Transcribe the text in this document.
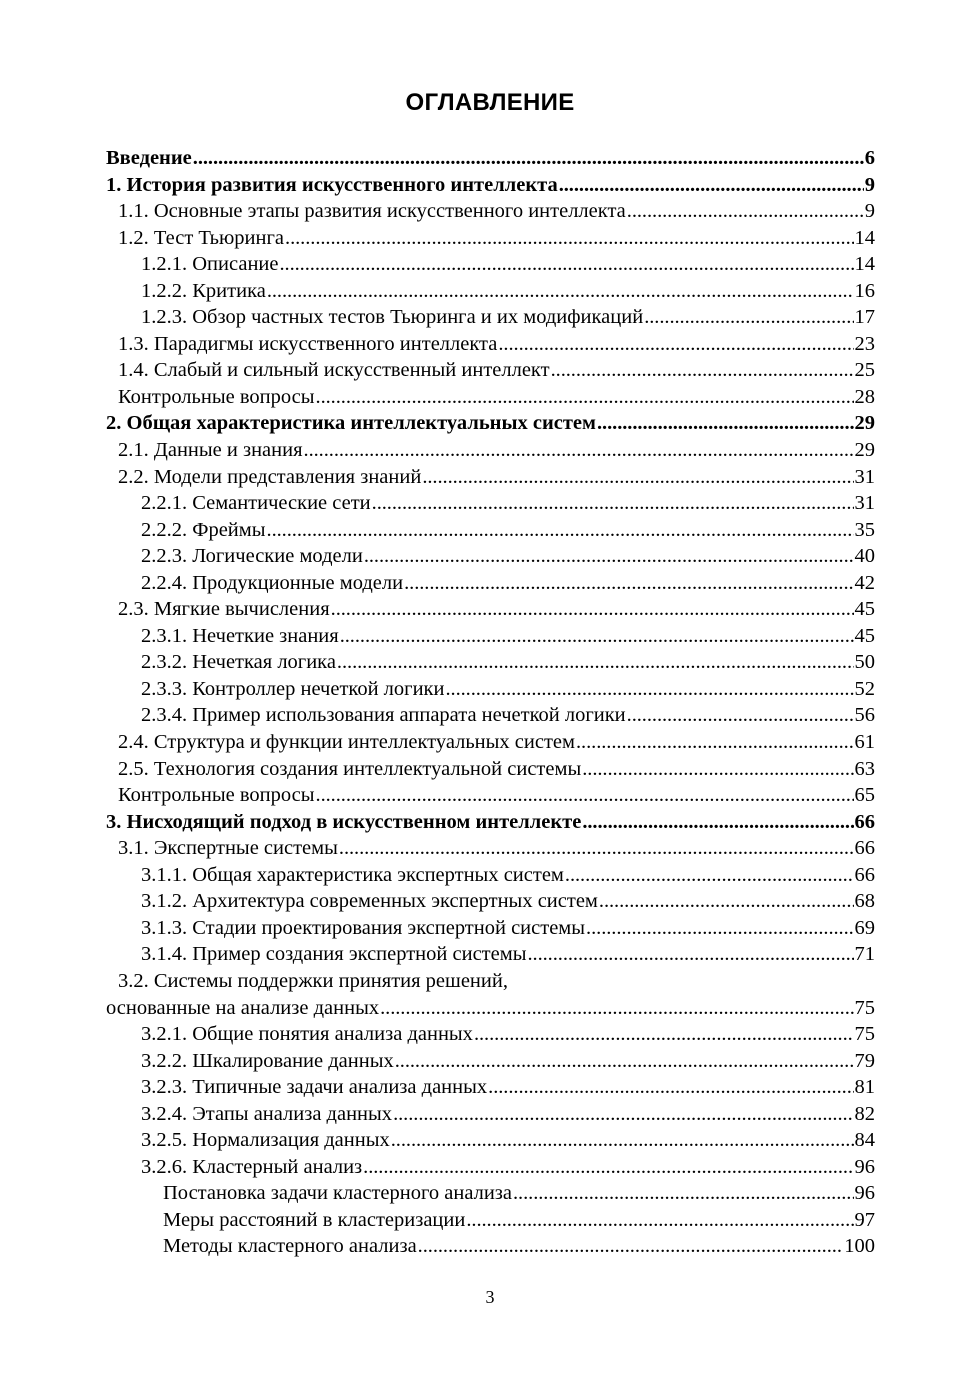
ОГЛАВЛЕНИЕ
Введение . . .	6
1. История развития искусственного интеллекта . . .	9
1.1. Основные этапы развития искусственного интеллекта . . .	9
1.2. Тест Тьюринга . . .	14
1.2.1. Описание . . .	14
1.2.2. Критика . . .	16
1.2.3. Обзор частных тестов Тьюринга и их модификаций . . .	17
1.3. Парадигмы искусственного интеллекта . . .	23
1.4. Слабый и сильный искусственный интеллект . . .	25
Контрольные вопросы . . .	28
2. Общая характеристика интеллектуальных систем . . .	29
2.1. Данные и знания . . .	29
2.2. Модели представления знаний . . .	31
2.2.1. Семантические сети . . .	31
2.2.2. Фреймы . . .	35
2.2.3. Логические модели . . .	40
2.2.4. Продукционные модели . . .	42
2.3. Мягкие вычисления . . .	45
2.3.1. Нечеткие знания . . .	45
2.3.2. Нечеткая логика . . .	50
2.3.3. Контроллер нечеткой логики . . .	52
2.3.4. Пример использования аппарата нечеткой логики . . .	56
2.4. Структура и функции интеллектуальных систем . . .	61
2.5. Технология создания интеллектуальной системы . . .	63
Контрольные вопросы . . .	65
3. Нисходящий подход в искусственном интеллекте . . .	66
3.1. Экспертные системы . . .	66
3.1.1. Общая характеристика экспертных систем . . .	66
3.1.2. Архитектура современных экспертных систем . . .	68
3.1.3. Стадии проектирования экспертной системы . . .	69
3.1.4. Пример создания экспертной системы . . .	71
3.2. Системы поддержки принятия решений,
основанные на анализе данных . . .	75
3.2.1. Общие понятия анализа данных . . .	75
3.2.2. Шкалирование данных . . .	79
3.2.3. Типичные задачи анализа данных . . .	81
3.2.4. Этапы анализа данных . . .	82
3.2.5. Нормализация данных . . .	84
3.2.6. Кластерный анализ . . .	96
Постановка задачи кластерного анализа . . .	96
Меры расстояний в кластеризации . . .	97
Методы кластерного анализа . . .	100
3
